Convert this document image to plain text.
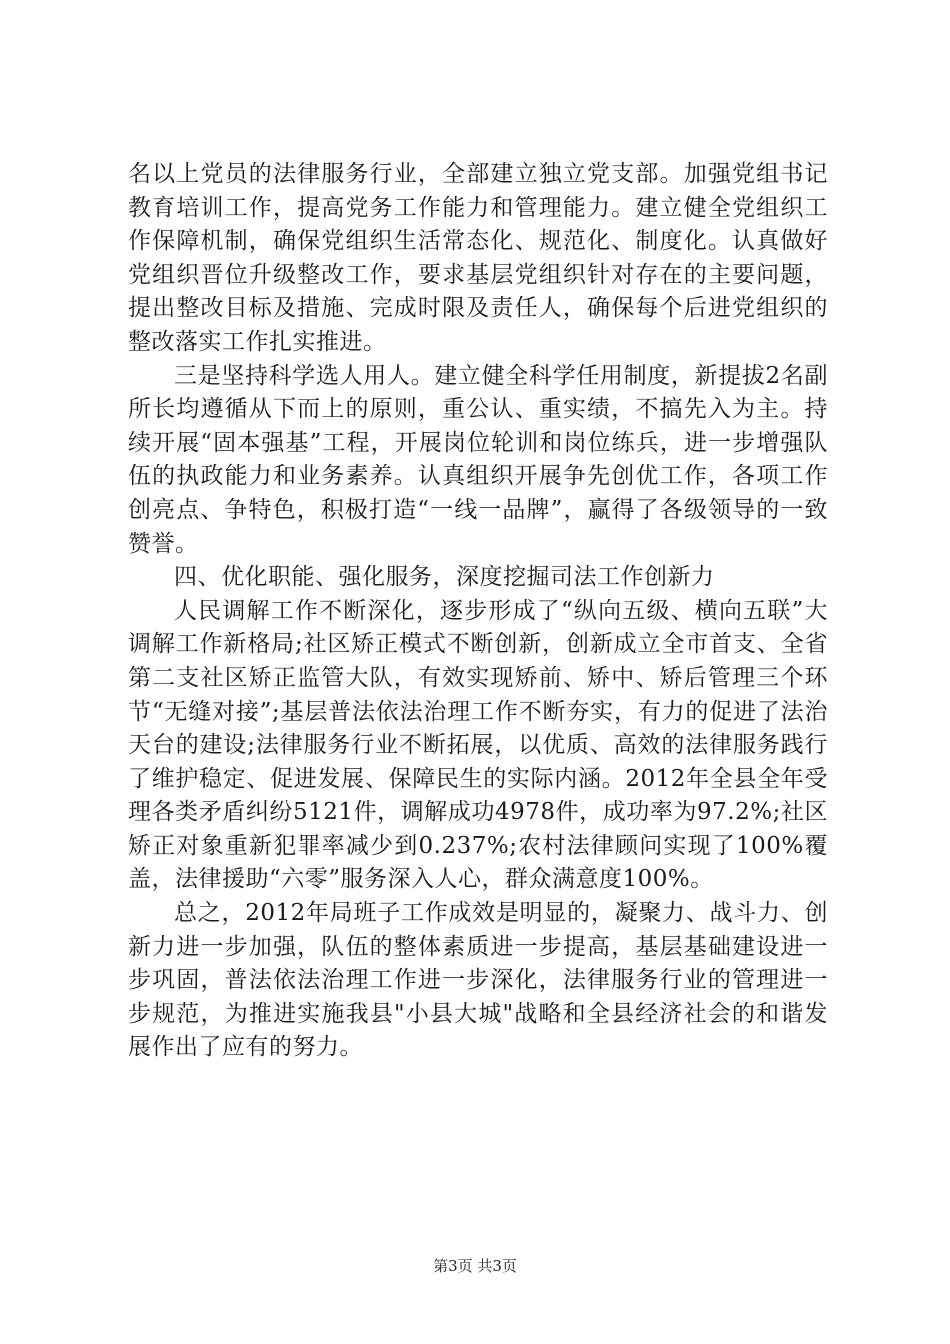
名以上党员的法律服务行业，全部建立独立党支部。加强党组书记教育培训工作，提高党务工作能力和管理能力。建立健全党组织工作保障机制，确保党组织生活常态化、规范化、制度化。认真做好党组织晋位升级整改工作，要求基层党组织针对存在的主要问题，提出整改目标及措施、完成时限及责任人，确保每个后进党组织的整改落实工作扎实推进。

三是坚持科学选人用人。建立健全科学任用制度，新提拔2名副所长均遵循从下而上的原则，重公认、重实绩，不搞先入为主。持续开展“固本强基”工程，开展岗位轮训和岗位练兵，进一步增强队伍的执政能力和业务素养。认真组织开展争先创优工作，各项工作创亮点、争特色，积极打造“一线一品牌”，赢得了各级领导的一致赞誉。

四、优化职能、强化服务，深度挖掘司法工作创新力

人民调解工作不断深化，逐步形成了“纵向五级、横向五联”大调解工作新格局;社区矫正模式不断创新，创新成立全市首支、全省第二支社区矫正监管大队，有效实现矫前、矫中、矫后管理三个环节“无缝对接”;基层普法依法治理工作不断夯实，有力的促进了法治天台的建设;法律服务行业不断拓展，以优质、高效的法律服务践行了维护稳定、促进发展、保障民生的实际内涵。2012年全县全年受理各类矛盾纠纷5121件，调解成功4978件，成功率为97.2%;社区矫正对象重新犯罪率减少到0.237%;农村法律顾问实现了100%覆盖，法律援助“六零”服务深入人心，群众满意度100%。

总之，2012年局班子工作成效是明显的，凝聚力、战斗力、创新力进一步加强，队伍的整体素质进一步提高，基层基础建设进一步巩固，普法依法治理工作进一步深化，法律服务行业的管理进一步规范，为推进实施我县"小县大城"战略和全县经济社会的和谐发展作出了应有的努力。

第3页 共3页
